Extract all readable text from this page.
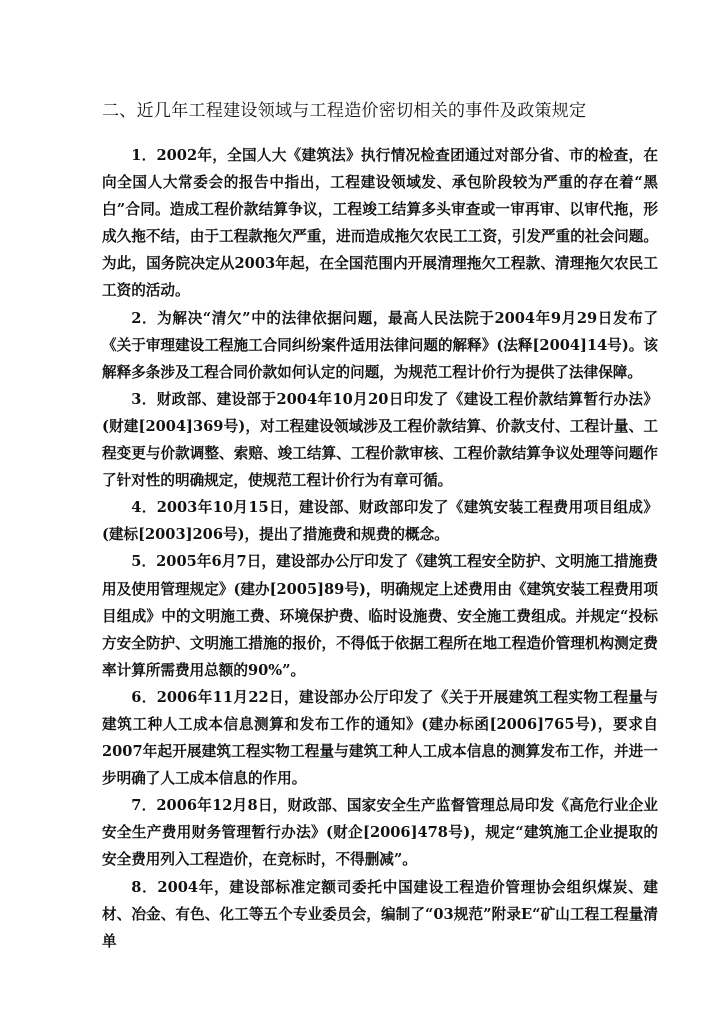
二、近几年工程建设领域与工程造价密切相关的事件及政策规定

1．2002年，全国人大《建筑法》执行情况检查团通过对部分省、市的检查，在向全国人大常委会的报告中指出，工程建设领域发、承包阶段较为严重的存在着“黑白”合同。造成工程价款结算争议，工程竣工结算多头审查或一审再审、以审代拖，形成久拖不结，由于工程款拖欠严重，进而造成拖欠农民工工资，引发严重的社会问题。为此，国务院决定从2003年起，在全国范围内开展清理拖欠工程款、清理拖欠农民工工资的活动。

2．为解决“清欠”中的法律依据问题，最高人民法院于2004年9月29日发布了《关于审理建设工程施工合同纠纷案件适用法律问题的解释》(法释[2004]14号)。该解释多条涉及工程合同价款如何认定的问题，为规范工程计价行为提供了法律保障。

3．财政部、建设部于2004年10月20日印发了《建设工程价款结算暂行办法》(财建[2004]369号)，对工程建设领域涉及工程价款结算、价款支付、工程计量、工程变更与价款调整、索赔、竣工结算、工程价款审核、工程价款结算争议处理等问题作了针对性的明确规定，使规范工程计价行为有章可循。

4．2003年10月15日，建设部、财政部印发了《建筑安装工程费用项目组成》(建标[2003]206号)，提出了措施费和规费的概念。

5．2005年6月7日，建设部办公厅印发了《建筑工程安全防护、文明施工措施费用及使用管理规定》(建办[2005]89号)，明确规定上述费用由《建筑安装工程费用项目组成》中的文明施工费、环境保护费、临时设施费、安全施工费组成。并规定“投标方安全防护、文明施工措施的报价，不得低于依据工程所在地工程造价管理机构测定费率计算所需费用总额的90%”。

6．2006年11月22日，建设部办公厅印发了《关于开展建筑工程实物工程量与建筑工种人工成本信息测算和发布工作的通知》(建办标函[2006]765号)，要求自2007年起开展建筑工程实物工程量与建筑工种人工成本信息的测算发布工作，并进一步明确了人工成本信息的作用。

7．2006年12月8日，财政部、国家安全生产监督管理总局印发《高危行业企业安全生产费用财务管理暂行办法》(财企[2006]478号)，规定“建筑施工企业提取的安全费用列入工程造价，在竞标时，不得删减”。

8．2004年，建设部标准定额司委托中国建设工程造价管理协会组织煤炭、建材、冶金、有色、化工等五个专业委员会，编制了“03规范”附录E“矿山工程工程量清单
